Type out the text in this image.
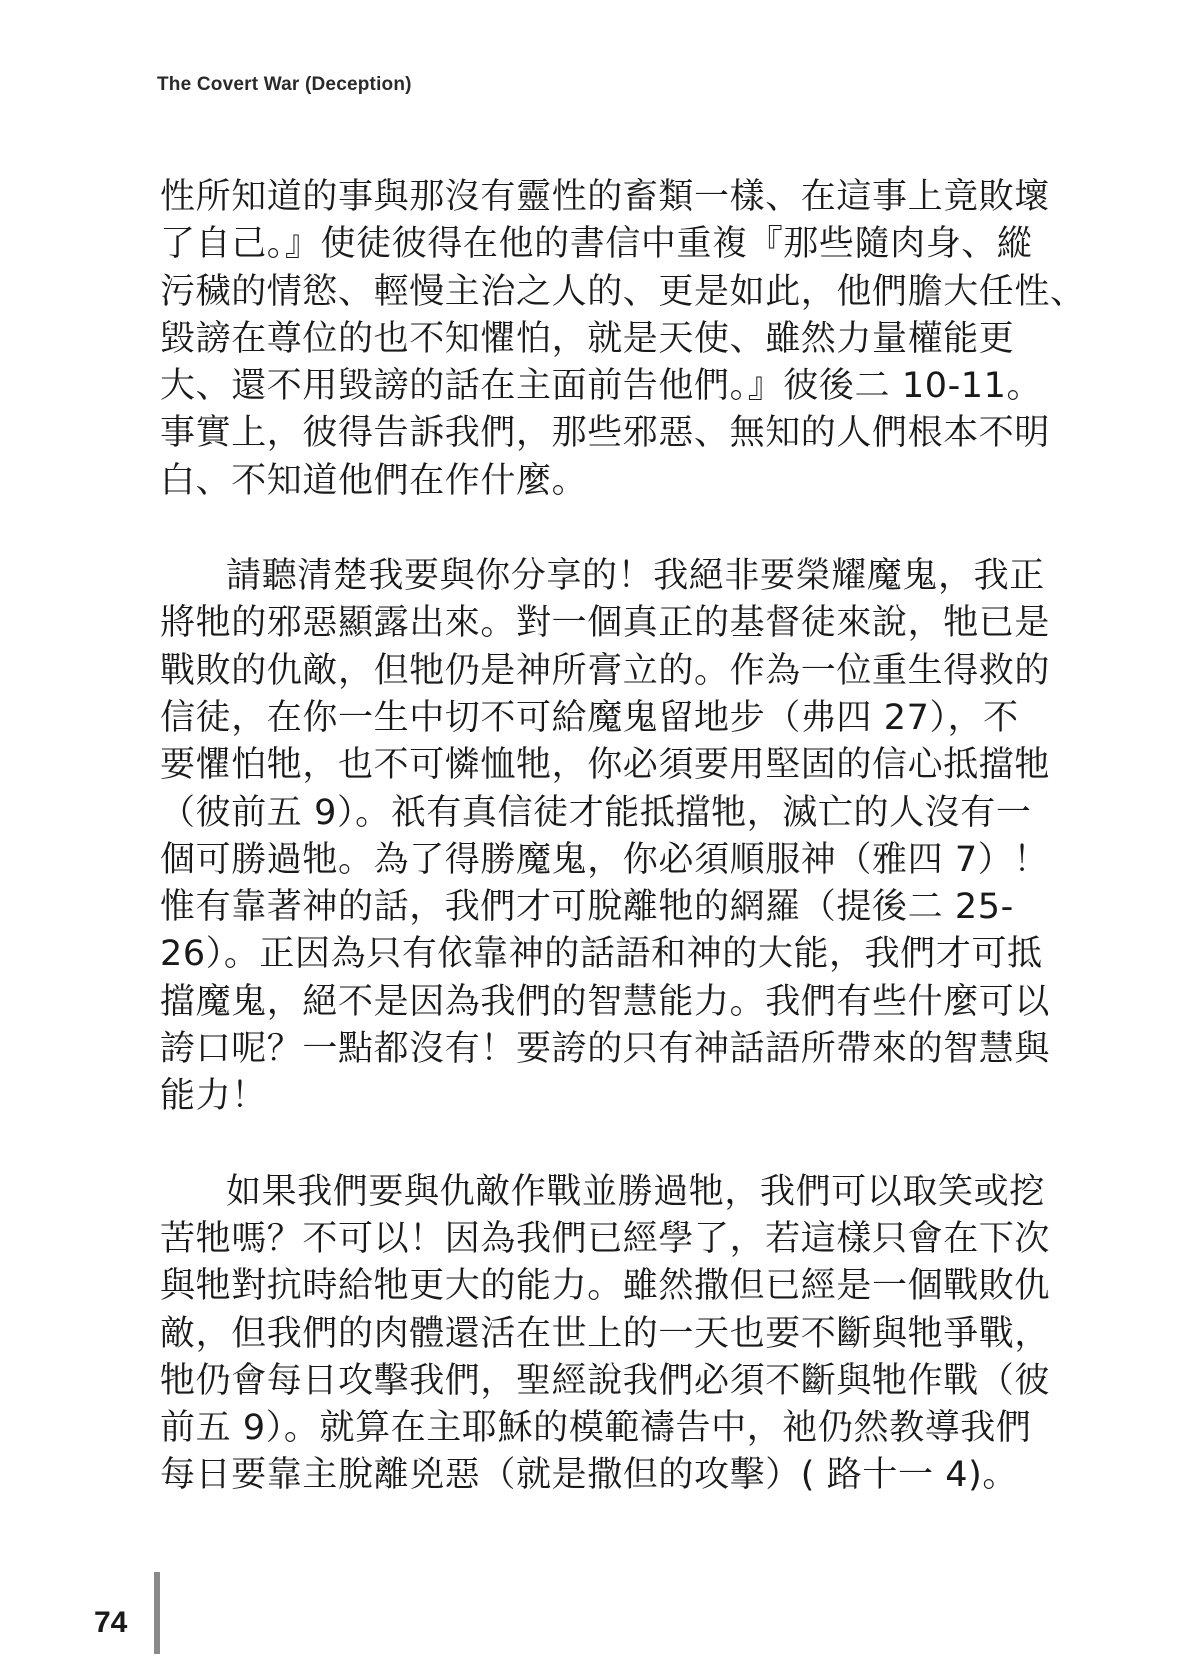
The Covert War (Deception)
性所知道的事與那沒有靈性的畜類一樣、在這事上竟敗壞
了自己。』使徒彼得在他的書信中重複『那些隨肉身、縱
污穢的情慾、輕慢主治之人的、更是如此，他們膽大任性、
毀謗在尊位的也不知懼怕，就是天使、雖然力量權能更
大、還不用毀謗的話在主面前告他們。』彼後二 10-11。
事實上，彼得告訴我們，那些邪惡、無知的人們根本不明
白、不知道他們在作什麼。
請聽清楚我要與你分享的！我絕非要榮耀魔鬼，我正
將牠的邪惡顯露出來。對一個真正的基督徒來說，牠已是
戰敗的仇敵，但牠仍是神所膏立的。作為一位重生得救的
信徒，在你一生中切不可給魔鬼留地步（弗四 27），不
要懼怕牠，也不可憐恤牠，你必須要用堅固的信心抵擋牠
（彼前五 9）。祇有真信徒才能抵擋牠，滅亡的人沒有一
個可勝過牠。為了得勝魔鬼，你必須順服神（雅四 7）！
惟有靠著神的話，我們才可脫離牠的網羅（提後二 25-
26）。正因為只有依靠神的話語和神的大能，我們才可抵
擋魔鬼，絕不是因為我們的智慧能力。我們有些什麼可以
誇口呢？一點都沒有！要誇的只有神話語所帶來的智慧與
能力！
如果我們要與仇敵作戰並勝過牠，我們可以取笑或挖
苦牠嗎？不可以！因為我們已經學了，若這樣只會在下次
與牠對抗時給牠更大的能力。雖然撒但已經是一個戰敗仇
敵，但我們的肉體還活在世上的一天也要不斷與牠爭戰，
牠仍會每日攻擊我們，聖經說我們必須不斷與牠作戰（彼
前五 9）。就算在主耶穌的模範禱告中，祂仍然教導我們
每日要靠主脫離兇惡（就是撒但的攻擊）( 路十一 4)。
74
